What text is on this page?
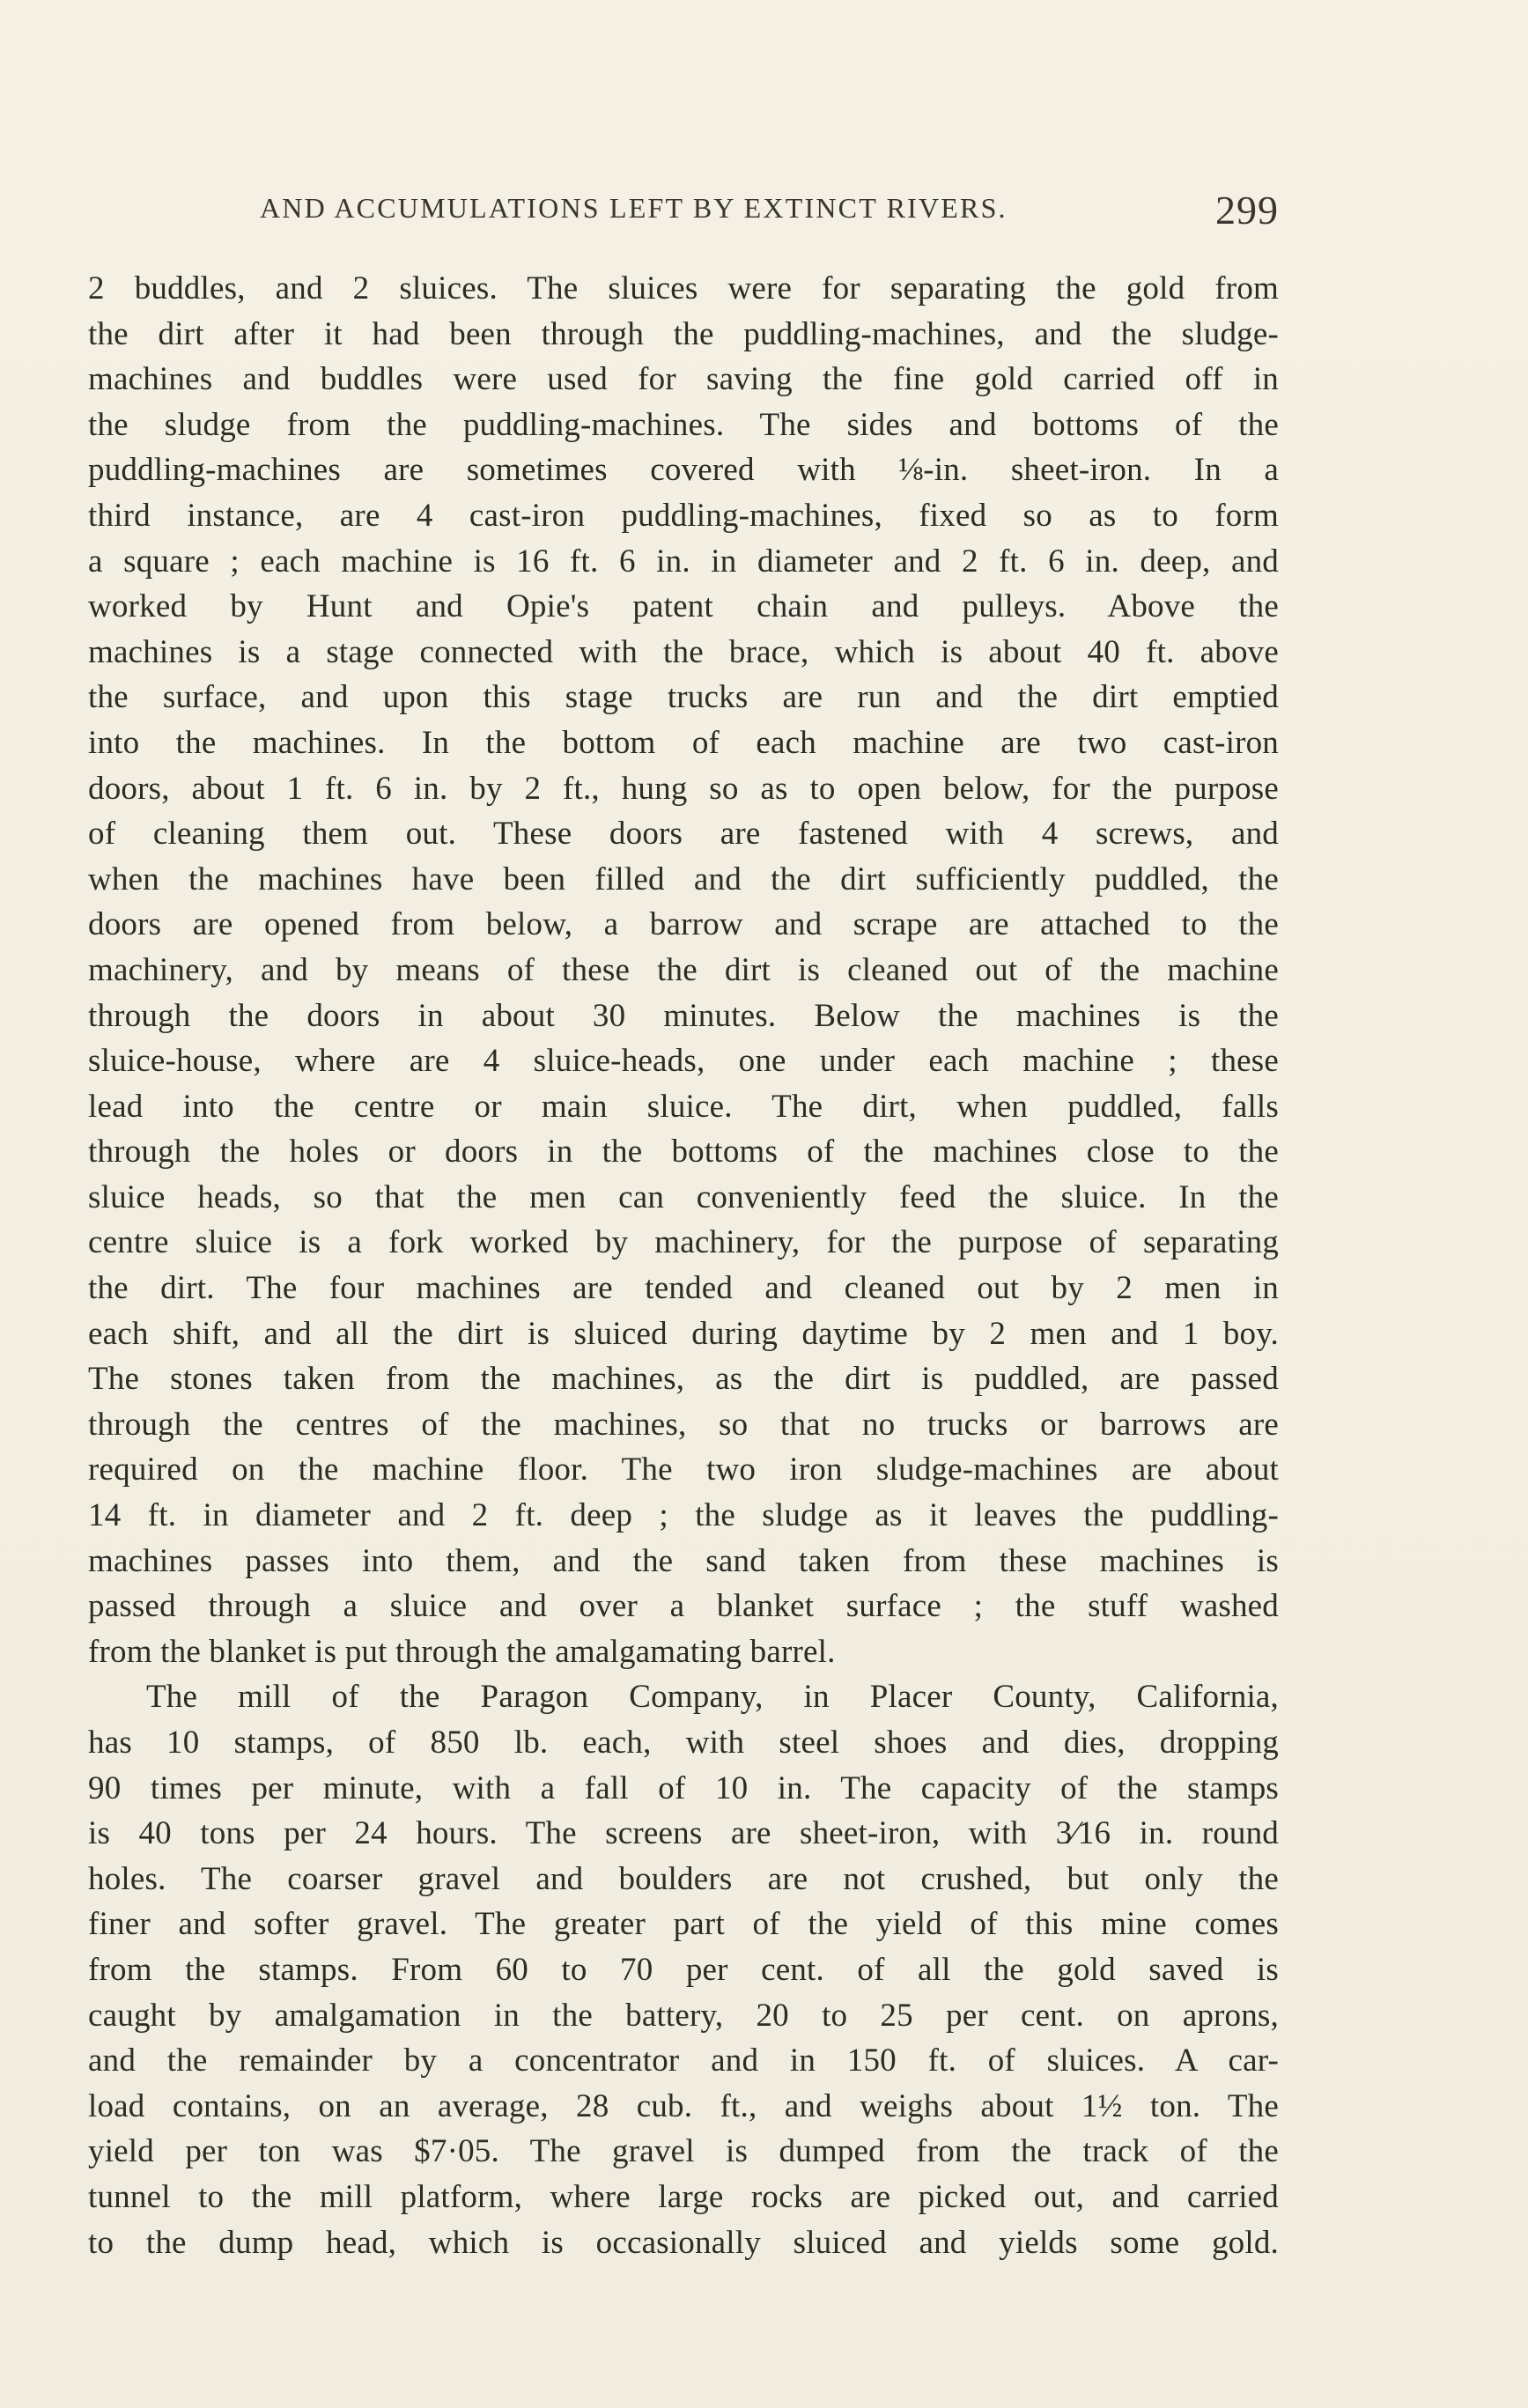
AND ACCUMULATIONS LEFT BY EXTINCT RIVERS.	299
2 buddles, and 2 sluices. The sluices were for separating the gold from
the dirt after it had been through the puddling-machines, and the sludge-
machines and buddles were used for saving the fine gold carried off in
the sludge from the puddling-machines. The sides and bottoms of the
puddling-machines are sometimes covered with ⅛-in. sheet-iron. In a
third instance, are 4 cast-iron puddling-machines, fixed so as to form
a square ; each machine is 16 ft. 6 in. in diameter and 2 ft. 6 in. deep, and
worked by Hunt and Opie's patent chain and pulleys. Above the
machines is a stage connected with the brace, which is about 40 ft. above
the surface, and upon this stage trucks are run and the dirt emptied
into the machines. In the bottom of each machine are two cast-iron
doors, about 1 ft. 6 in. by 2 ft., hung so as to open below, for the purpose
of cleaning them out. These doors are fastened with 4 screws, and
when the machines have been filled and the dirt sufficiently puddled, the
doors are opened from below, a barrow and scrape are attached to the
machinery, and by means of these the dirt is cleaned out of the machine
through the doors in about 30 minutes. Below the machines is the
sluice-house, where are 4 sluice-heads, one under each machine ; these
lead into the centre or main sluice. The dirt, when puddled, falls
through the holes or doors in the bottoms of the machines close to the
sluice heads, so that the men can conveniently feed the sluice. In the
centre sluice is a fork worked by machinery, for the purpose of separating
the dirt. The four machines are tended and cleaned out by 2 men in
each shift, and all the dirt is sluiced during daytime by 2 men and 1 boy.
The stones taken from the machines, as the dirt is puddled, are passed
through the centres of the machines, so that no trucks or barrows are
required on the machine floor. The two iron sludge-machines are about
14 ft. in diameter and 2 ft. deep ; the sludge as it leaves the puddling-
machines passes into them, and the sand taken from these machines is
passed through a sluice and over a blanket surface ; the stuff washed
from the blanket is put through the amalgamating barrel.
The mill of the Paragon Company, in Placer County, California,
has 10 stamps, of 850 lb. each, with steel shoes and dies, dropping
90 times per minute, with a fall of 10 in. The capacity of the stamps
is 40 tons per 24 hours. The screens are sheet-iron, with 3⁄16 in. round
holes. The coarser gravel and boulders are not crushed, but only the
finer and softer gravel. The greater part of the yield of this mine comes
from the stamps. From 60 to 70 per cent. of all the gold saved is
caught by amalgamation in the battery, 20 to 25 per cent. on aprons,
and the remainder by a concentrator and in 150 ft. of sluices. A car-
load contains, on an average, 28 cub. ft., and weighs about 1½ ton. The
yield per ton was $7·05. The gravel is dumped from the track of the
tunnel to the mill platform, where large rocks are picked out, and carried
to the dump head, which is occasionally sluiced and yields some gold.
